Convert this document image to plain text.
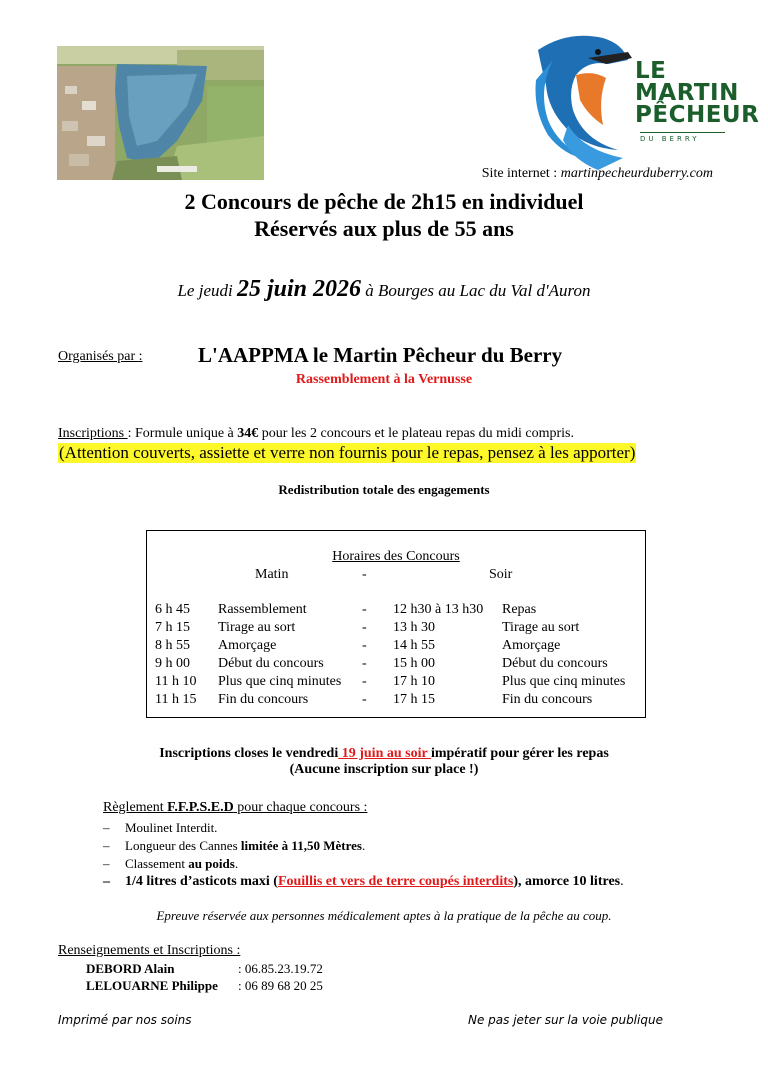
LE
MARTIN
PÊCHEUR
DU BERRY
Site internet : martinpecheurduberry.com
2 Concours de pêche de 2h15 en individuel
Réservés aux plus de 55 ans
Le jeudi 25 juin 2026 à Bourges au Lac du Val d'Auron
Organisés par :	L'AAPPMA le Martin Pêcheur du Berry
Rassemblement à la Vernusse
Inscriptions : Formule unique à 34€ pour les 2 concours et le plateau repas du midi compris.
(Attention couverts, assiette et verre non fournis pour le repas, pensez à les apporter)
Redistribution totale des engagements
Horaires des Concours
Matin	-	Soir
6 h 45 Rassemblement	- 12 h30 à 13 h30 Repas
7 h 15 Tirage au sort	- 13 h 30	Tirage au sort
8 h 55 Amorçage	- 14 h 55	Amorçage
9 h 00 Début du concours	- 15 h 00	Début du concours
11 h 10 Plus que cinq minutes - 17 h 10	Plus que cinq minutes
11 h 15 Fin du concours	- 17 h 15	Fin du concours
Inscriptions closes le vendredi 19 juin au soir impératif pour gérer les repas
(Aucune inscription sur place !)
Règlement F.F.P.S.E.D pour chaque concours :
– Moulinet Interdit.
– Longueur des Cannes limitée à 11,50 Mètres.
– Classement au poids.
– 1/4 litres d’asticots maxi (Fouillis et vers de terre coupés interdits), amorce 10 litres.
Epreuve réservée aux personnes médicalement aptes à la pratique de la pêche au coup.
Renseignements et Inscriptions :
DEBORD Alain	: 06.85.23.19.72
LELOUARNE Philippe : 06 89 68 20 25
Imprimé par nos soins	Ne pas jeter sur la voie publique
